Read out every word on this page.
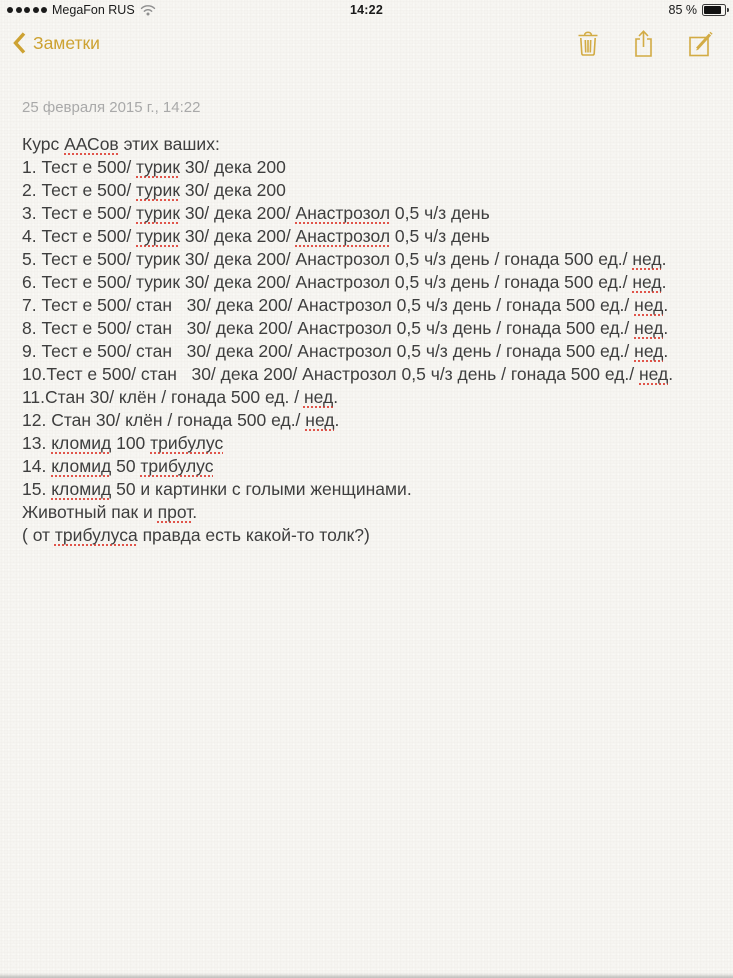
MegaFon RUS	14:22	85 %
Заметки
25 февраля 2015 г., 14:22
Курс ААСов этих ваших:
1. Тест е 500/ турик 30/ дека 200
2. Тест е 500/ турик 30/ дека 200
3. Тест е 500/ турик 30/ дека 200/ Анастрозол 0,5 ч/з день
4. Тест е 500/ турик 30/ дека 200/ Анастрозол 0,5 ч/з день
5. Тест е 500/ турик 30/ дека 200/ Анастрозол 0,5 ч/з день / гонада 500 ед./ нед.
6. Тест е 500/ турик 30/ дека 200/ Анастрозол 0,5 ч/з день / гонада 500 ед./ нед.
7. Тест е 500/ стан   30/ дека 200/ Анастрозол 0,5 ч/з день / гонада 500 ед./ нед.
8. Тест е 500/ стан   30/ дека 200/ Анастрозол 0,5 ч/з день / гонада 500 ед./ нед.
9. Тест е 500/ стан   30/ дека 200/ Анастрозол 0,5 ч/з день / гонада 500 ед./ нед.
10.Тест е 500/ стан   30/ дека 200/ Анастрозол 0,5 ч/з день / гонада 500 ед./ нед.
11.Стан 30/ клён / гонада 500 ед. / нед.
12. Стан 30/ клён / гонада 500 ед./ нед.
13. кломид 100 трибулус
14. кломид 50 трибулус
15. кломид 50 и картинки с голыми женщинами.
Животный пак и прот.
( от трибулуса правда есть какой-то толк?)
